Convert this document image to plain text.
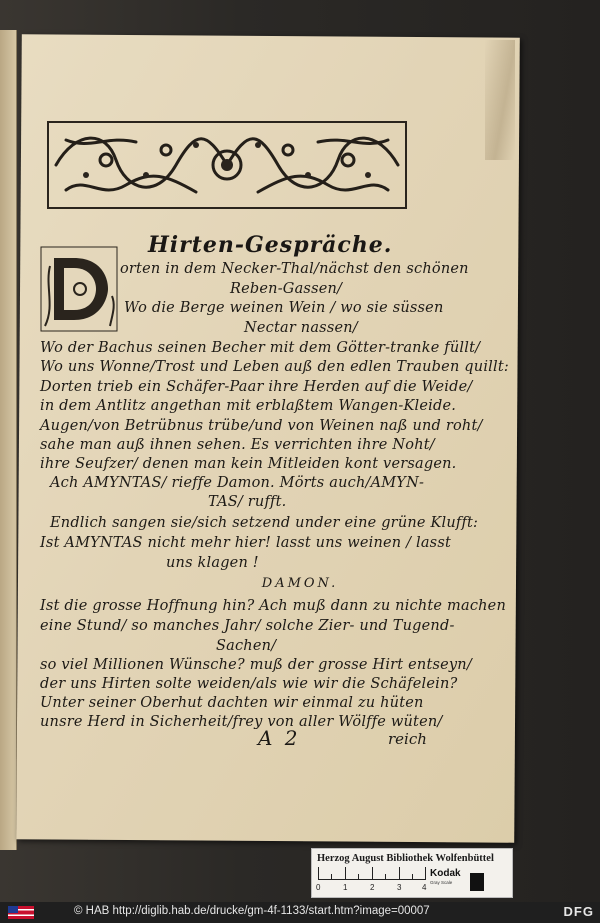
Hirten-Gespräche.
orten in dem Necker-Thal/nächst den schönen
Reben-Gassen/
Wo die Berge weinen Wein / wo sie süssen
Nectar nassen/
Wo der Bachus seinen Becher mit dem Götter-tranke füllt/
Wo uns Wonne/Trost und Leben auß den edlen Trauben quillt:
Dorten trieb ein Schäfer-Paar ihre Herden auf die Weide/
in dem Antlitz angethan mit erblaßtem Wangen-Kleide.
Augen/von Betrübnus trübe/und von Weinen naß und roht/
sahe man auß ihnen sehen. Es verrichten ihre Noht/
ihre Seufzer/ denen man kein Mitleiden kont versagen.
Ach AMYNTAS/ rieffe Damon. Mörts auch/AMYN-
TAS/ rufft.
Endlich sangen sie/sich setzend under eine grüne Klufft:
Ist AMYNTAS nicht mehr hier! lasst uns weinen / lasst
uns klagen !
DAMON.
Ist die grosse Hoffnung hin? Ach muß dann zu nichte machen
eine Stund/ so manches Jahr/ solche Zier- und Tugend-
Sachen/
so viel Millionen Wünsche? muß der grosse Hirt entseyn/
der uns Hirten solte weiden/als wie wir die Schäfelein?
Unter seiner Oberhut dachten wir einmal zu hüten
unsre Herd in Sicherheit/frey von aller Wölffe wüten/
A 2	reich
Herzog August Bibliothek Wolfenbüttel
0	1	2	3	4
Kodak
Gray Scale
© HAB http://diglib.hab.de/drucke/gm-4f-1133/start.htm?image=00007	DFG
